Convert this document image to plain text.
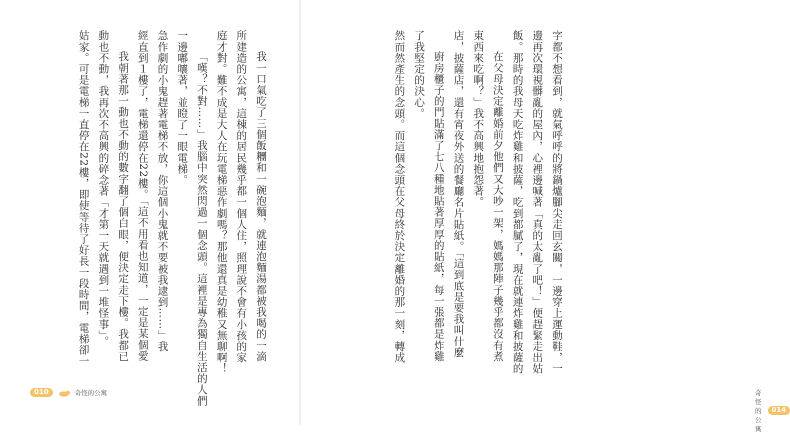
我一口氣吃了三個飯糰和一碗泡麵，就連泡麵湯都被我喝的一滴
所建造的公寓，這棟的居民幾乎都一個人住，照理說不會有小孩的家
庭才對。難不成是大人在玩電梯惡作劇嗎？那他還真是幼稚又無聊啊！
「嘆？不對……」我腦中突然閃過一個念頭。這裡是專為獨自生活的人們
一邊嘟嚷著，並瞪了一眼電梯。
急作劇的小鬼趕著電梯不放，你這個小鬼就不要被我逮到……」我
經直到１樓了，電梯還停在22樓。「這不用看也知道，一定是某個愛
我朝著那一動也不動的數字翻了個白眼，便決定走下樓。我都已
動也不動，我再次不高興的碎念著「才第一天就遇到一堆怪事」。
姑家。可是電梯一直停在22樓，即使等待了好長一段時間，電梯卻一
010	奇怪的公寓
字都不想看到，就氣呼呼的將鍋爐腳尖走回玄關，一邊穿上運動鞋，一
邊再次環視髒亂的屋內，心裡邊喊著「真的太亂了吧！」便趕緊走出姑
飯。那時的我母天吃炸雞和披薩，吃到都膩了，現在就連炸雞和披薩的
在父母決定離婚前夕他們又大吵一架，媽媽那陣子幾乎都沒有煮
東西來吃啊？」我不高興地抱怨著。
店，披薩店，還有宵夜外送的餐廳名片貼紙。「這到底是要我叫什麼
廚房櫃子的門貼滿了七八種地貼著厚厚的貼紙，每一張都是炸雞
了我堅定的決心。
然而然產生的念頭。而這個念頭在父母終於決定離婚的那一刻，轉成
奇怪的公寓
014
